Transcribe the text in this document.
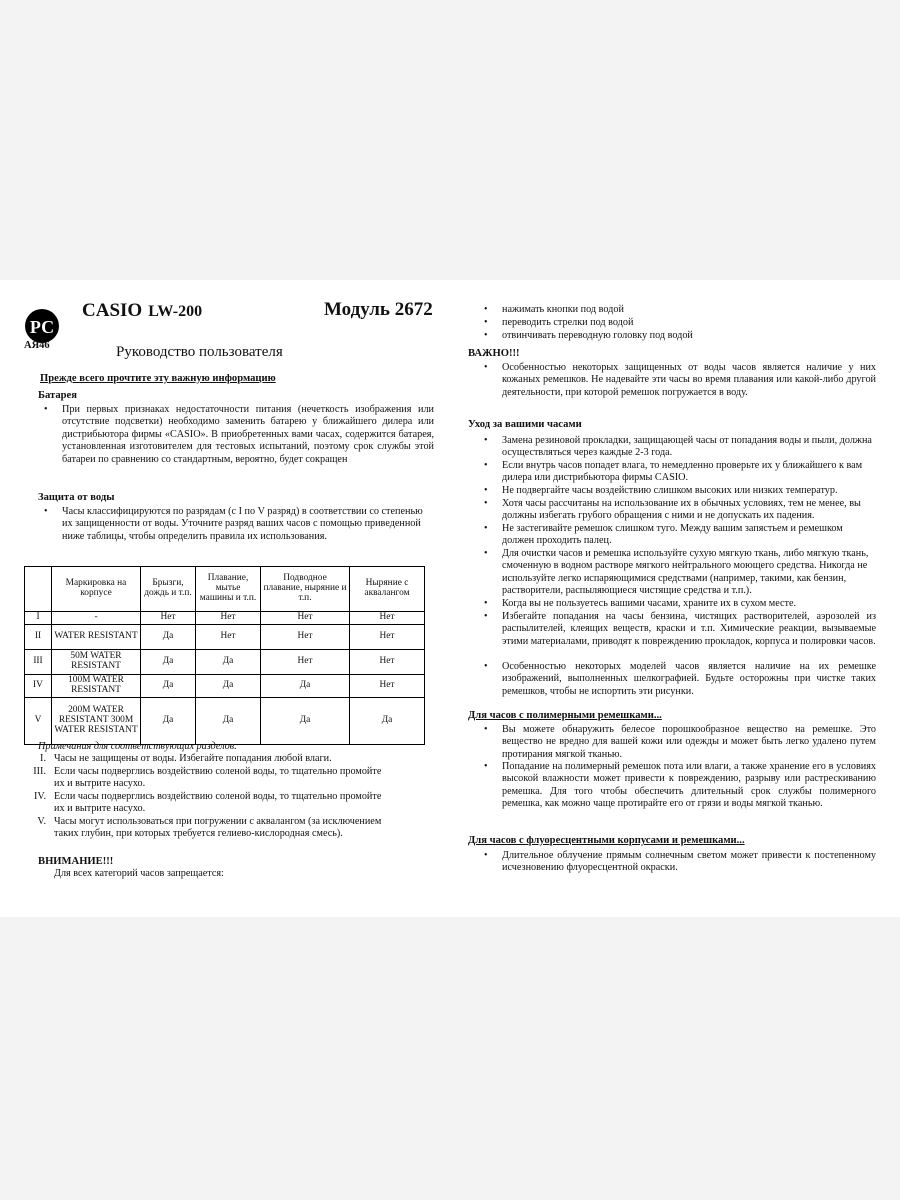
РС
АЯ46
CASIO LW-200	Модуль 2672
Руководство пользователя
Прежде всего прочтите эту важную информацию
Батарея
• При первых признаках недостаточности питания (нечеткость изображения или отсутствие подсветки) необходимо заменить батарею у ближайшего дилера или дистрибьютора фирмы «CASIO». В приобретенных вами часах, содержится батарея, установленная изготовителем для тестовых испытаний, поэтому срок службы этой батареи по сравнению со стандартным, вероятно, будет сокращен
Защита от воды
• Часы классифицируются по разрядам (с I по V разряд) в соответствии со степенью их защищенности от воды. Уточните разряд ваших часов с помощью приведенной ниже таблицы, чтобы определить правила их использования.
	Маркировка на корпусе	Брызги, дождь и т.п.	Плавание, мытье машины и т.п.	Подводное плавание, ныряние и т.п.	Ныряние с аквалангом
I	-	Нет	Нет	Нет	Нет
II	WATER RESISTANT	Да	Нет	Нет	Нет
III	50M WATER RESISTANT	Да	Да	Нет	Нет
IV	100M WATER RESISTANT	Да	Да	Да	Нет
V	200M WATER RESISTANT 300M WATER RESISTANT	Да	Да	Да	Да
Примечания для соответствующих разделов.
I. Часы не защищены от воды. Избегайте попадания любой влаги.
III. Если часы подверглись воздействию соленой воды, то тщательно промойте их и вытрите насухо.
IV. Если часы подверглись воздействию соленой воды, то тщательно промойте их и вытрите насухо.
V. Часы могут использоваться при погружении с аквалангом (за исключением таких глубин, при которых требуется гелиево-кислородная смесь).
ВНИМАНИЕ!!!
Для всех категорий часов запрещается:
• нажимать кнопки под водой
• переводить стрелки под водой
• отвинчивать переводную головку под водой
ВАЖНО!!!
• Особенностью некоторых защищенных от воды часов является наличие у них кожаных ремешков. Не надевайте эти часы во время плавания или какой-либо другой деятельности, при которой ремешок погружается в воду.
Уход за вашими часами
• Замена резиновой прокладки, защищающей часы от попадания воды и пыли, должна осуществляться через каждые 2-3 года.
• Если внутрь часов попадет влага, то немедленно проверьте их у ближайшего к вам дилера или дистрибьютора фирмы CASIO.
• Не подвергайте часы воздействию слишком высоких или низких температур.
• Хотя часы рассчитаны на использование их в обычных условиях, тем не менее, вы должны избегать грубого обращения с ними и не допускать их падения.
• Не застегивайте ремешок слишком туго. Между вашим запястьем и ремешком должен проходить палец.
• Для очистки часов и ремешка используйте сухую мягкую ткань, либо мягкую ткань, смоченную в водном растворе мягкого нейтрального моющего средства. Никогда не используйте легко испаряющимися средствами (например, такими, как бензин, растворители, распыляющиеся чистящие средства и т.п.).
• Когда вы не пользуетесь вашими часами, храните их в сухом месте.
• Избегайте попадания на часы бензина, чистящих растворителей, аэрозолей из распылителей, клеящих веществ, краски и т.п. Химические реакции, вызываемые этими материалами, приводят к повреждению прокладок, корпуса и полировки часов.
• Особенностью некоторых моделей часов является наличие на их ремешке изображений, выполненных шелкографией. Будьте осторожны при чистке таких ремешков, чтобы не испортить эти рисунки.
Для часов с полимерными ремешками...
• Вы можете обнаружить белесое порошкообразное вещество на ремешке. Это вещество не вредно для вашей кожи или одежды и может быть легко удалено путем протирания мягкой тканью.
• Попадание на полимерный ремешок пота или влаги, а также хранение его в условиях высокой влажности может привести к повреждению, разрыву или растрескиванию ремешка. Для того чтобы обеспечить длительный срок службы полимерного ремешка, как можно чаще протирайте его от грязи и воды мягкой тканью.
Для часов с флуоресцентными корпусами и ремешками...
• Длительное облучение прямым солнечным светом может привести к постепенному исчезновению флуоресцентной окраски.
